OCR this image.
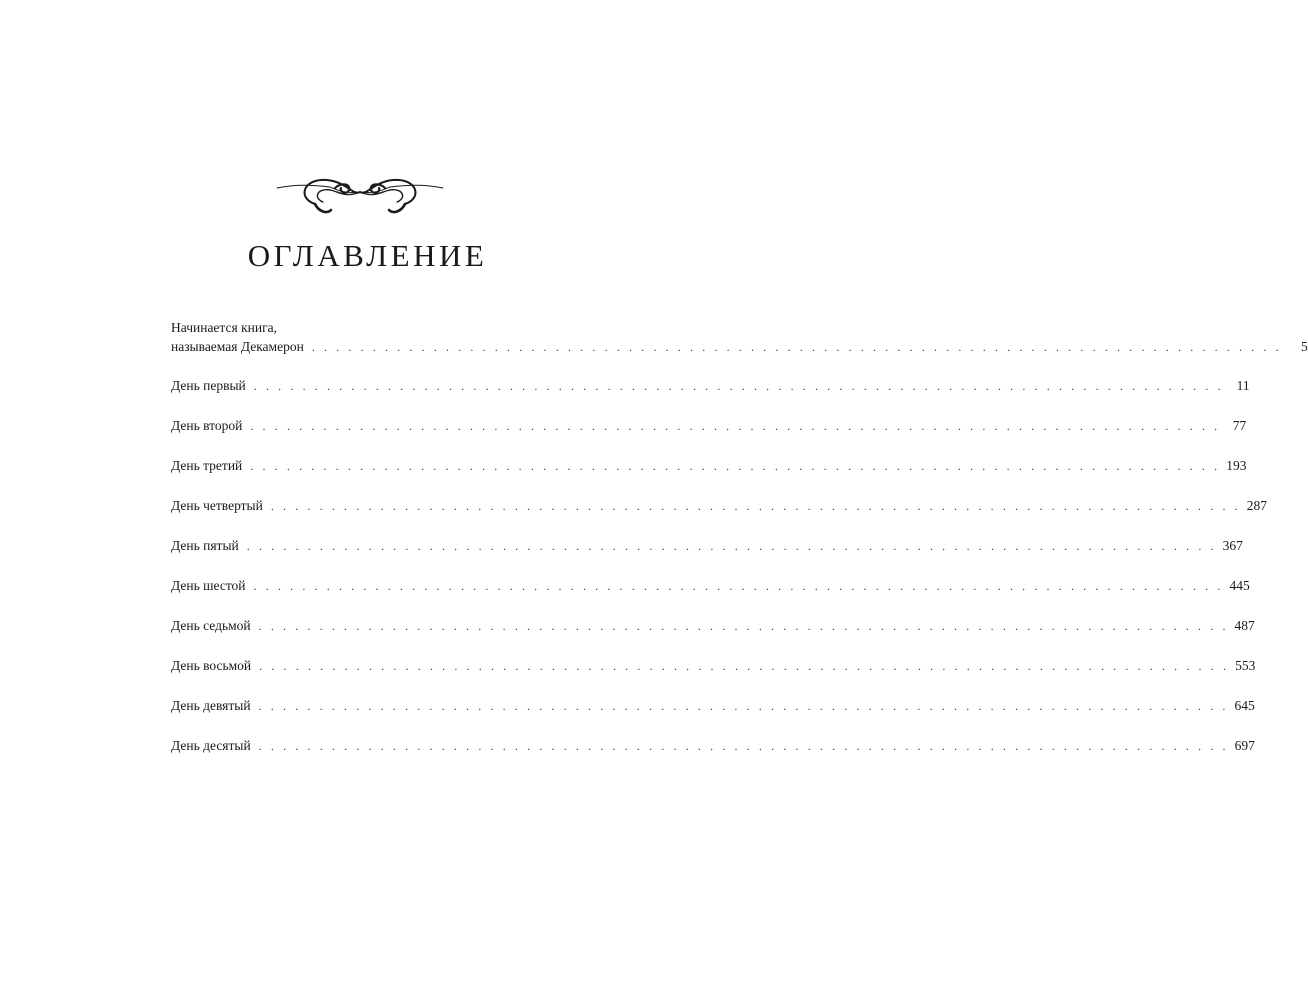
ОГЛАВЛЕНИЕ
Начинается книга,
называемая Декамерон . . . . . . . . . . . . . . . . . . . . . . . . . . . . . . . . . . . . . . . . . . . . . . . . . . . . . . . . . . . . . . . . . . . . . . . . . . . . . . . .	5
День первый . . . . . . . . . . . . . . . . . . . . . . . . . . . . . . . . . . . . . . . . . . . . . . . . . . . . . . . . . . . . . . . . . . . . . . . . . . . . . . . . 11
День второй . . . . . . . . . . . . . . . . . . . . . . . . . . . . . . . . . . . . . . . . . . . . . . . . . . . . . . . . . . . . . . . . . . . . . . . . . . . . . . . . 77
День третий . . . . . . . . . . . . . . . . . . . . . . . . . . . . . . . . . . . . . . . . . . . . . . . . . . . . . . . . . . . . . . . . . . . . . . . . . . . . . . . . 193
День четвертый . . . . . . . . . . . . . . . . . . . . . . . . . . . . . . . . . . . . . . . . . . . . . . . . . . . . . . . . . . . . . . . . . . . . . . . . . . . . . . . . 287
День пятый . . . . . . . . . . . . . . . . . . . . . . . . . . . . . . . . . . . . . . . . . . . . . . . . . . . . . . . . . . . . . . . . . . . . . . . . . . . . . . . . 367
День шестой . . . . . . . . . . . . . . . . . . . . . . . . . . . . . . . . . . . . . . . . . . . . . . . . . . . . . . . . . . . . . . . . . . . . . . . . . . . . . . . . 445
День седьмой . . . . . . . . . . . . . . . . . . . . . . . . . . . . . . . . . . . . . . . . . . . . . . . . . . . . . . . . . . . . . . . . . . . . . . . . . . . . . . . . 487
День восьмой . . . . . . . . . . . . . . . . . . . . . . . . . . . . . . . . . . . . . . . . . . . . . . . . . . . . . . . . . . . . . . . . . . . . . . . . . . . . . . . . 553
День девятый . . . . . . . . . . . . . . . . . . . . . . . . . . . . . . . . . . . . . . . . . . . . . . . . . . . . . . . . . . . . . . . . . . . . . . . . . . . . . . . . 645
День десятый . . . . . . . . . . . . . . . . . . . . . . . . . . . . . . . . . . . . . . . . . . . . . . . . . . . . . . . . . . . . . . . . . . . . . . . . . . . . . . . . 697
